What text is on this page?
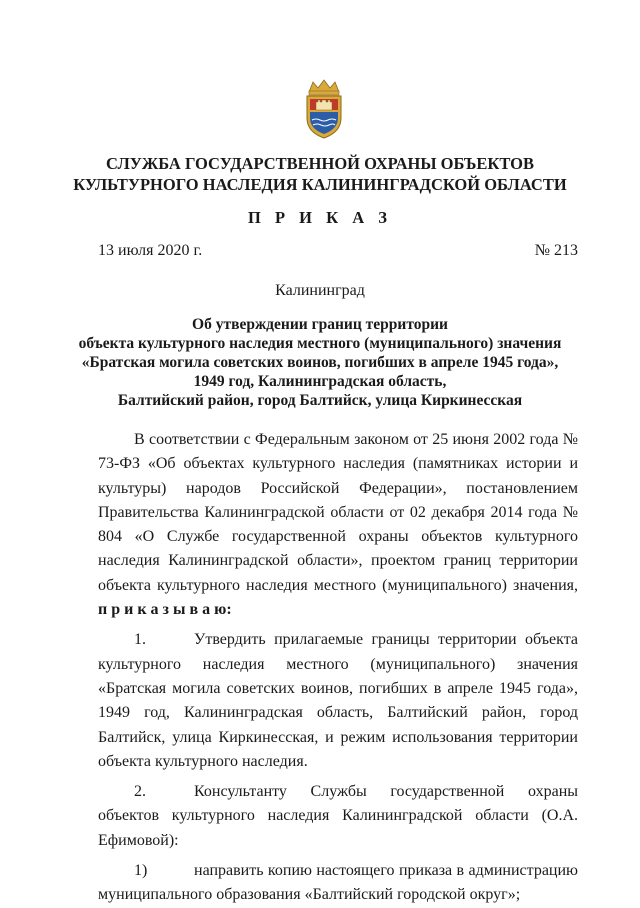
СЛУЖБА ГОСУДАРСТВЕННОЙ ОХРАНЫ ОБЪЕКТОВ
КУЛЬТУРНОГО НАСЛЕДИЯ КАЛИНИНГРАДСКОЙ ОБЛАСТИ
П Р И К А З
13 июля 2020 г.	№ 213
Калининград
Об утверждении границ территории
объекта культурного наследия местного (муниципального) значения
«Братская могила советских воинов, погибших в апреле 1945 года»,
1949 год, Калининградская область,
Балтийский район, город Балтийск, улица Киркинесская

В соответствии с Федеральным законом от 25 июня 2002 года № 73-ФЗ «Об объектах культурного наследия (памятниках истории и культуры) народов Российской Федерации», постановлением Правительства Калининградской области от 02 декабря 2014 года № 804 «О Службе государственной охраны объектов культурного наследия Калининградской области», проектом границ территории объекта культурного наследия местного (муниципального) значения, п р и к а з ы в а ю:

1.	Утвердить прилагаемые границы территории объекта культурного наследия местного (муниципального) значения «Братская могила советских воинов, погибших в апреле 1945 года», 1949 год, Калининградская область, Балтийский район, город Балтийск, улица Киркинесская, и режим использования территории объекта культурного наследия.

2.	Консультанту Службы государственной охраны объектов культурного наследия Калининградской области (О.А. Ефимовой):

1)	направить копию настоящего приказа в администрацию муниципального образования «Балтийский городской округ»;
